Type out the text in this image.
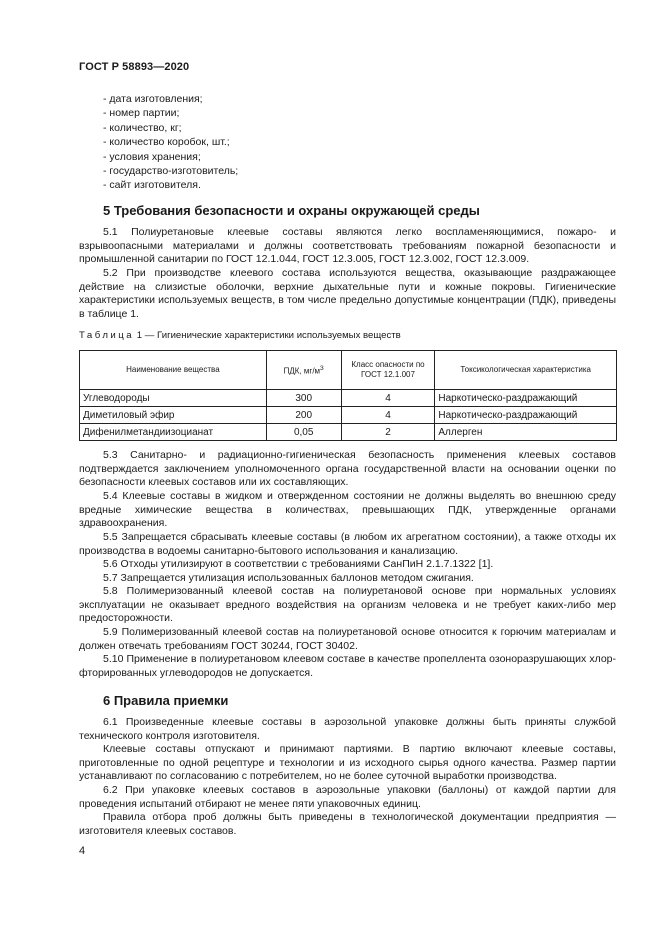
ГОСТ Р 58893—2020
- дата изготовления;
- номер партии;
- количество, кг;
- количество коробок, шт.;
- условия хранения;
- государство-изготовитель;
- сайт изготовителя.
5 Требования безопасности и охраны окружающей среды
5.1 Полиуретановые клеевые составы являются легко воспламеняющимися, пожаро- и взрывоопасными материалами и должны соответствовать требованиям пожарной безопасности и промышленной санитарии по ГОСТ 12.1.044, ГОСТ 12.3.005, ГОСТ 12.3.002, ГОСТ 12.3.009.
5.2 При производстве клеевого состава используются вещества, оказывающие раздражающее действие на слизистые оболочки, верхние дыхательные пути и кожные покровы. Гигиенические характеристики используемых веществ, в том числе предельно допустимые концентрации (ПДК), приведены в таблице 1.
Таблица 1 — Гигиенические характеристики используемых веществ
Наименование вещества	ПДК, $мг/м^3$	Класс опасности по ГОСТ 12.1.007	Токсикологическая характеристика
Углеводороды	300	4	Наркотическо-раздражающий
Диметиловый эфир	200	4	Наркотическо-раздражающий
Дифенилметандиизоцианат	0,05	2	Аллерген
5.3 Санитарно- и радиационно-гигиеническая безопасность применения клеевых составов подтверждается заключением уполномоченного органа государственной власти на основании оценки по безопасности клеевых составов или их составляющих.
5.4 Клеевые составы в жидком и отвержденном состоянии не должны выделять во внешнюю среду вредные химические вещества в количествах, превышающих ПДК, утвержденные органами здравоохранения.
5.5 Запрещается сбрасывать клеевые составы (в любом их агрегатном состоянии), а также отходы их производства в водоемы санитарно-бытового использования и канализацию.
5.6 Отходы утилизируют в соответствии с требованиями СанПиН 2.1.7.1322 [1].
5.7 Запрещается утилизация использованных баллонов методом сжигания.
5.8 Полимеризованный клеевой состав на полиуретановой основе при нормальных условиях эксплуатации не оказывает вредного воздействия на организм человека и не требует каких-либо мер предосторожности.
5.9 Полимеризованный клеевой состав на полиуретановой основе относится к горючим материалам и должен отвечать требованиям ГОСТ 30244, ГОСТ 30402.
5.10 Применение в полиуретановом клеевом составе в качестве пропеллента озоноразрушающих хлор-фторированных углеводородов не допускается.
6 Правила приемки
6.1 Произведенные клеевые составы в аэрозольной упаковке должны быть приняты службой технического контроля изготовителя.
Клеевые составы отпускают и принимают партиями. В партию включают клеевые составы, приготовленные по одной рецептуре и технологии и из исходного сырья одного качества. Размер партии устанавливают по согласованию с потребителем, но не более суточной выработки производства.
6.2 При упаковке клеевых составов в аэрозольные упаковки (баллоны) от каждой партии для проведения испытаний отбирают не менее пяти упаковочных единиц.
Правила отбора проб должны быть приведены в технологической документации предприятия — изготовителя клеевых составов.
4
